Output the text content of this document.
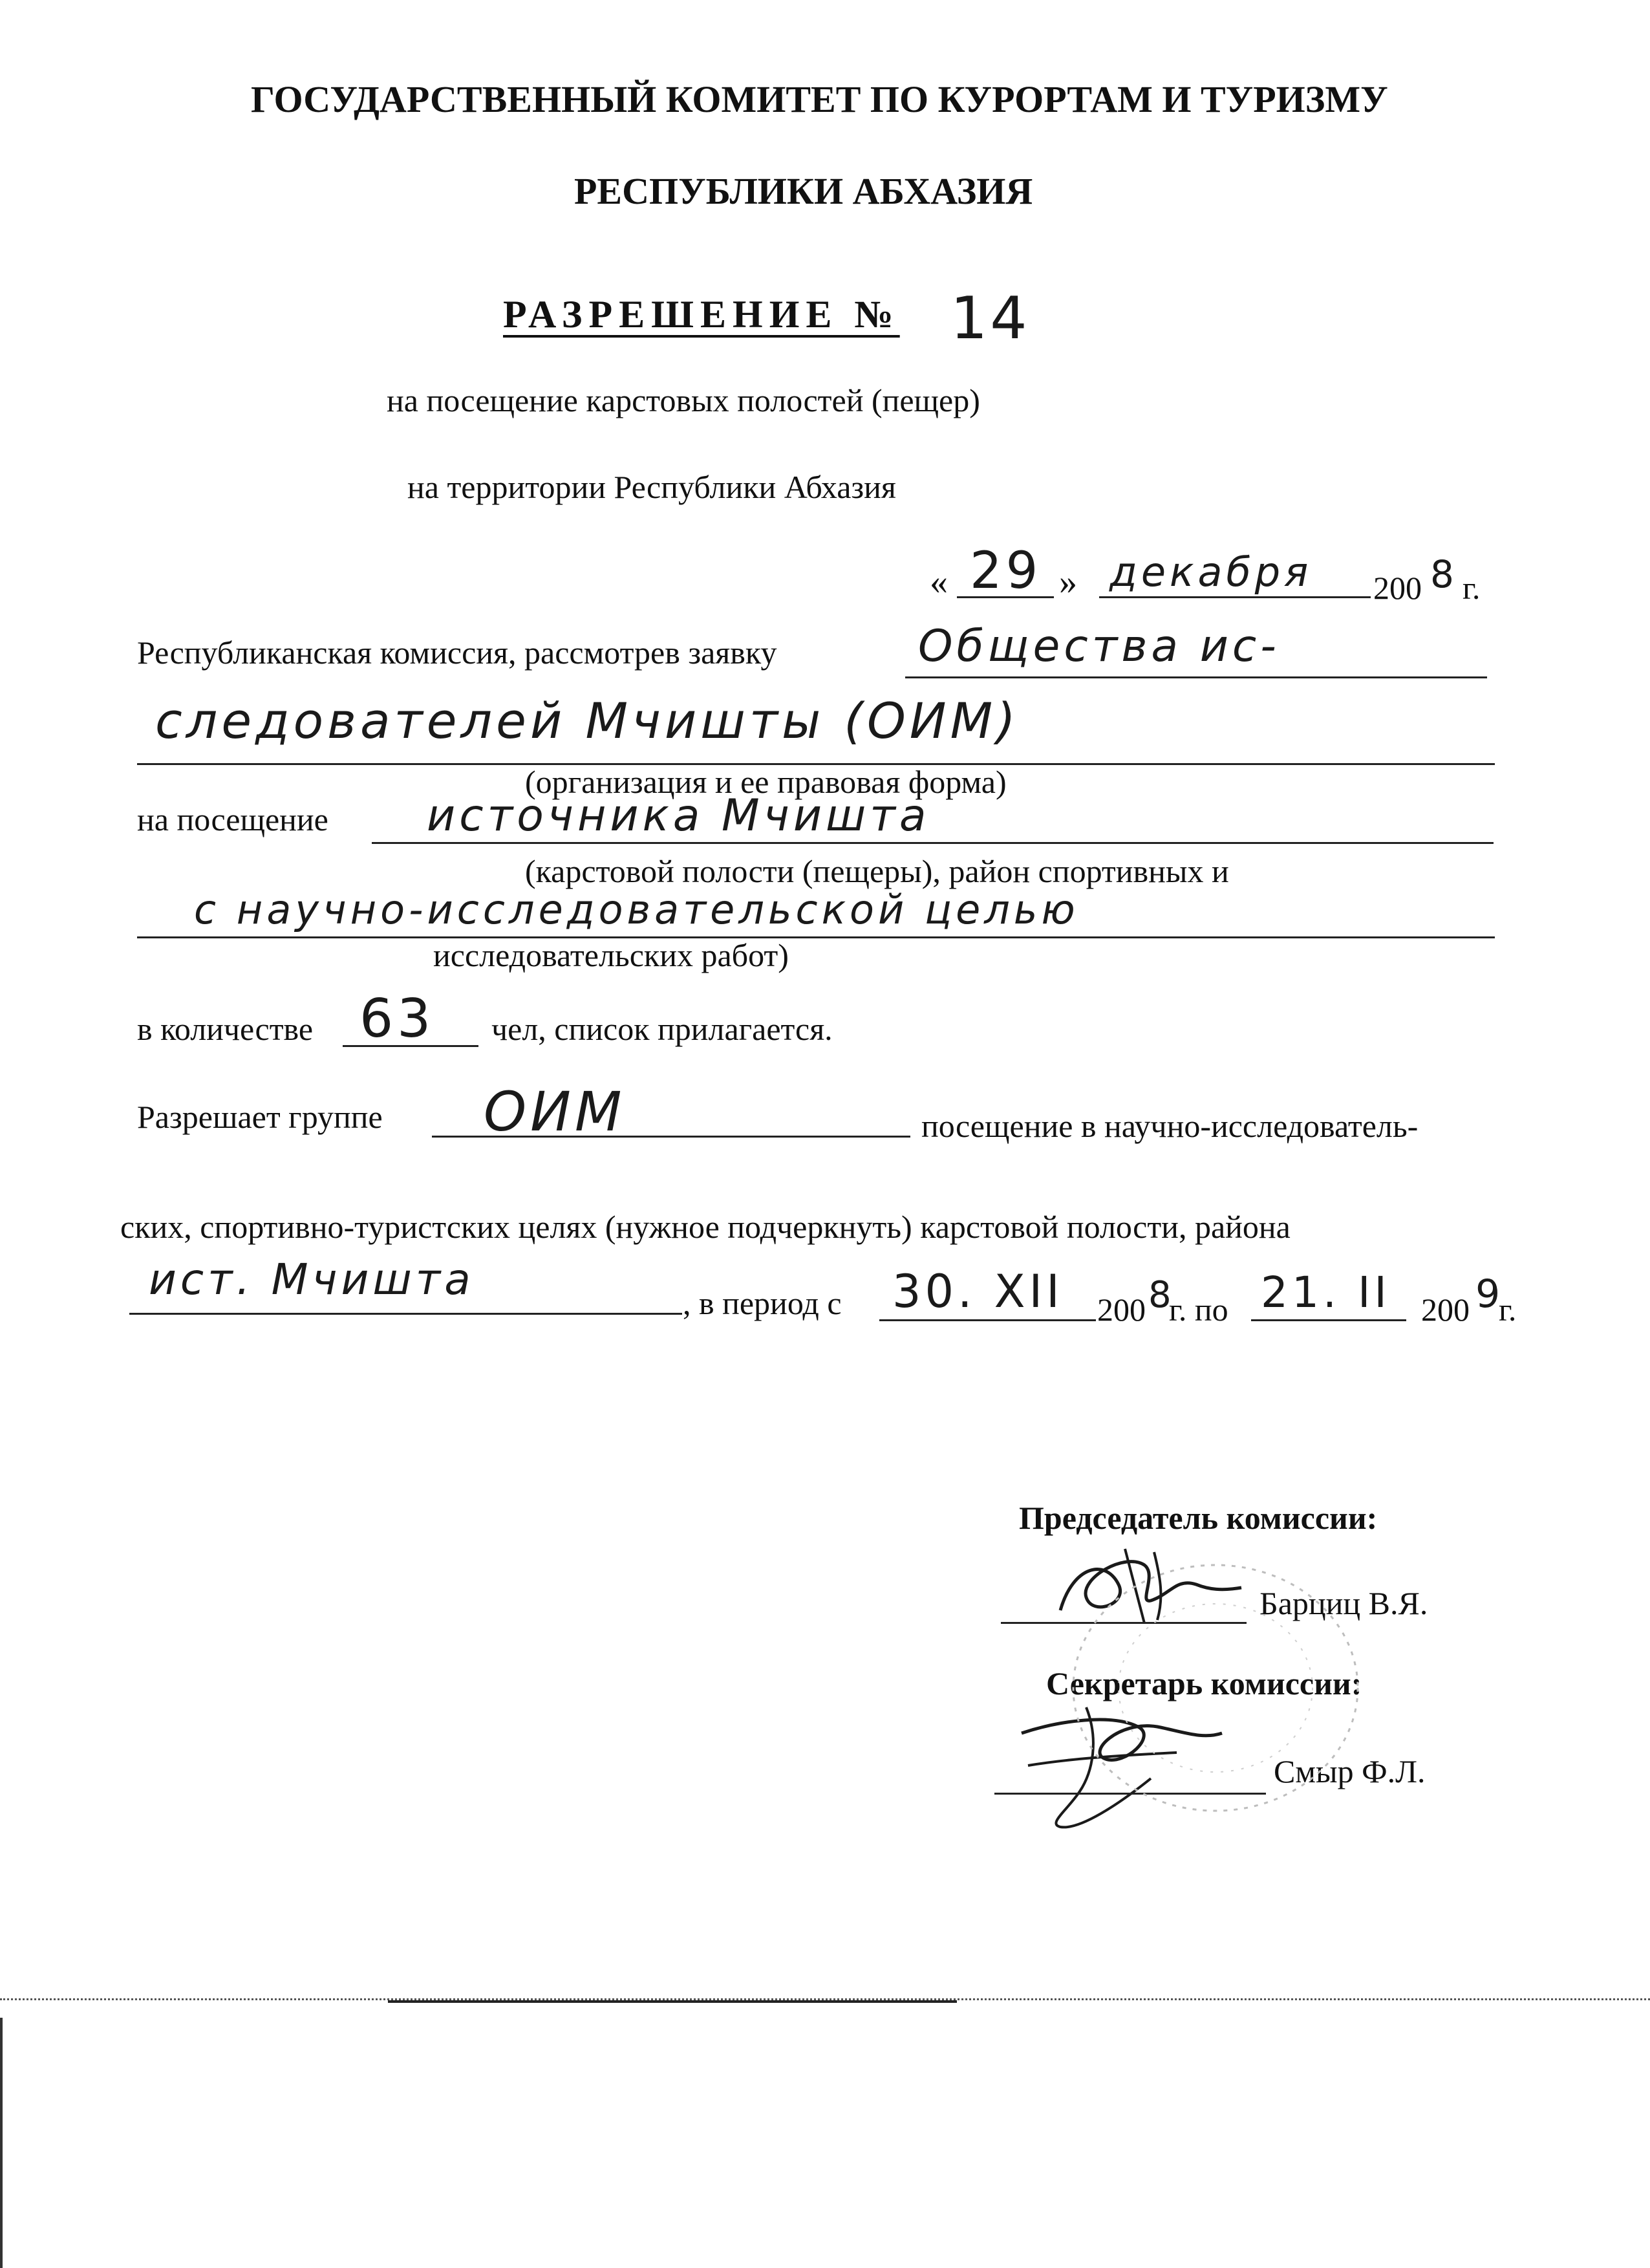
ГОСУДАРСТВЕННЫЙ КОМИТЕТ ПО КУРОРТАМ И ТУРИЗМУ
РЕСПУБЛИКИ АБХАЗИЯ
РАЗРЕШЕНИЕ № 14
на посещение карстовых полостей (пещер)
на территории Республики Абхазия
« 29 » декабря 200 8 г.
Республиканская комиссия, рассмотрев заявку	Общества ис-
следователей Мчишты (ОИМ)
(организация и ее правовая форма)
на посещение источника Мчишта
(карстовой полости (пещеры), район спортивных и
с научно-исследовательской целью
исследовательских работ)
в количестве 63 чел, список прилагается.
Разрешает группе ОИМ	посещение в научно-исследователь-
ских, спортивно-туристских целях (нужное подчеркнуть) карстовой полости, района
ист. Мчишта	, в период с 30. XII 200 8
г. по 21. II 200 9
г.
Председатель комиссии:
Барциц В.Я.
Секретарь комиссии:
Смыр Ф.Л.
